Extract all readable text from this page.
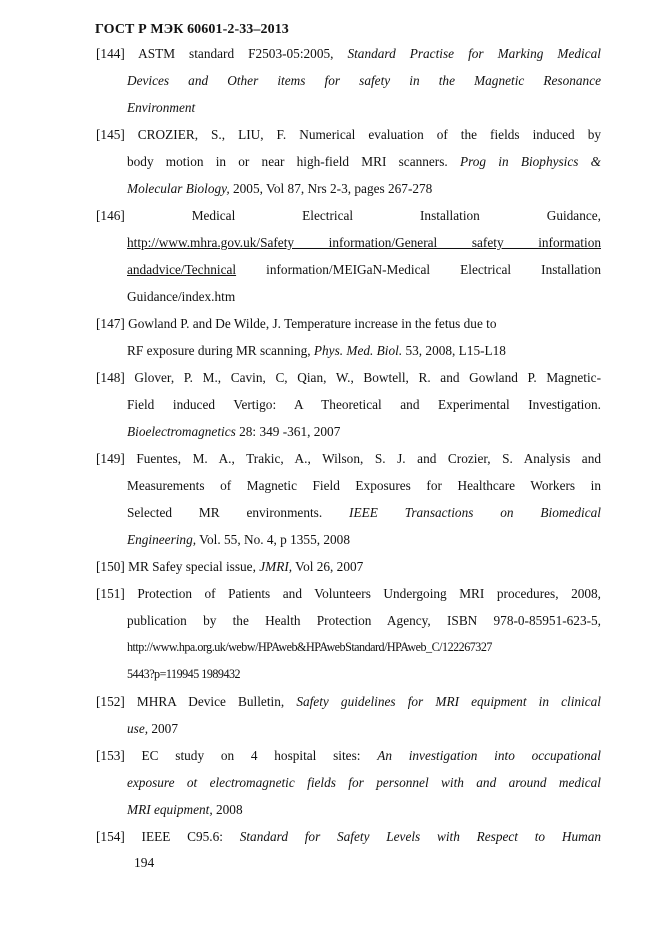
ГОСТ Р МЭК 60601-2-33–2013
[144] ASTM standard F2503-05:2005, Standard Practise for Marking Medical
Devices and Other items for safety in the Magnetic Resonance
Environment
[145] CROZIER, S., LIU, F. Numerical evaluation of the fields induced by
body motion in or near high-field MRI scanners. Prog in Biophysics &
Molecular Biology, 2005, Vol 87, Nrs 2-3, pages 267-278
[146] Medical Electrical Installation Guidance,
http://www.mhra.gov.uk/Safety information/General safety information
andadvice/Technical information/MEIGaN-Medical Electrical Installation
Guidance/index.htm
[147] Gowland P. and De Wilde, J. Temperature increase in the fetus due to
RF exposure during MR scanning, Phys. Med. Biol. 53, 2008, L15-L18
[148] Glover, P. M., Cavin, C, Qian, W., Bowtell, R. and Gowland P. Magnetic-
Field induced Vertigo: A Theoretical and Experimental Investigation.
Bioelectromagnetics 28: 349 -361, 2007
[149] Fuentes, M. A., Trakic, A., Wilson, S. J. and Crozier, S. Analysis and
Measurements of Magnetic Field Exposures for Healthcare Workers in
Selected MR environments. IEEE Transactions on Biomedical
Engineering, Vol. 55, No. 4, p 1355, 2008
[150] MR Safey special issue, JMRI, Vol 26, 2007
[151] Protection of Patients and Volunteers Undergoing MRI procedures, 2008,
publication by the Health Protection Agency, ISBN 978-0-85951-623-5,
http://www.hpa.org.uk/webw/HPAweb&HPAwebStandard/HPAweb_C/122267327
5443?p=119945 1989432
[152] MHRA Device Bulletin, Safety guidelines for MRI equipment in clinical
use, 2007
[153] EC study on 4 hospital sites: An investigation into occupational
exposure ot electromagnetic fields for personnel with and around medical
MRI equipment, 2008
[154] IEEE C95.6: Standard for Safety Levels with Respect to Human
194
